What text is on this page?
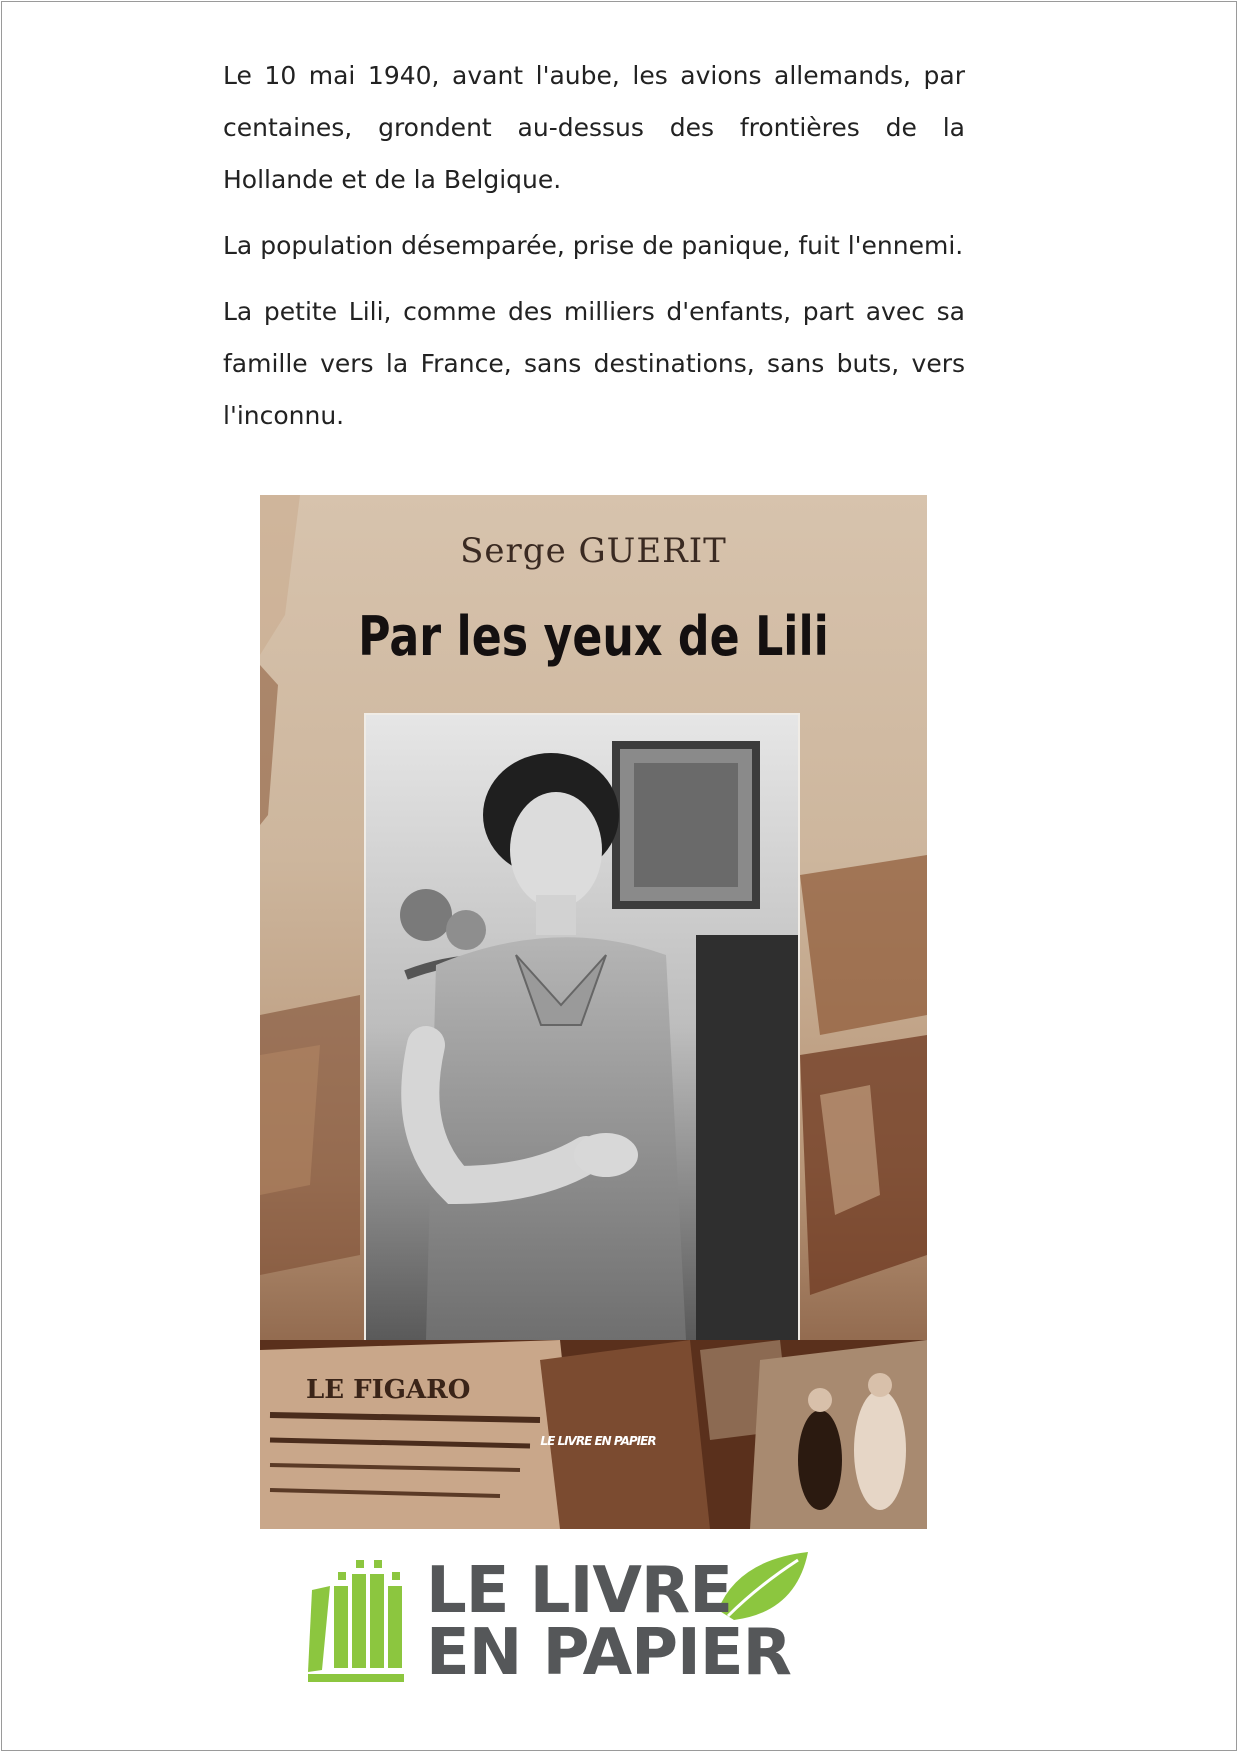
Le 10 mai 1940, avant l'aube, les avions allemands, par centaines, grondent au-dessus des frontières de la Hollande et de la Belgique.

La population désemparée, prise de panique, fuit l'ennemi.

La petite Lili, comme des milliers d'enfants, part avec sa famille vers la France, sans destinations, sans buts, vers l'inconnu.

Serge GUERIT
Par les yeux de Lili
LE FIGARO
LE LIVRE EN PAPIER
LE LIVRE
EN PAPIER
